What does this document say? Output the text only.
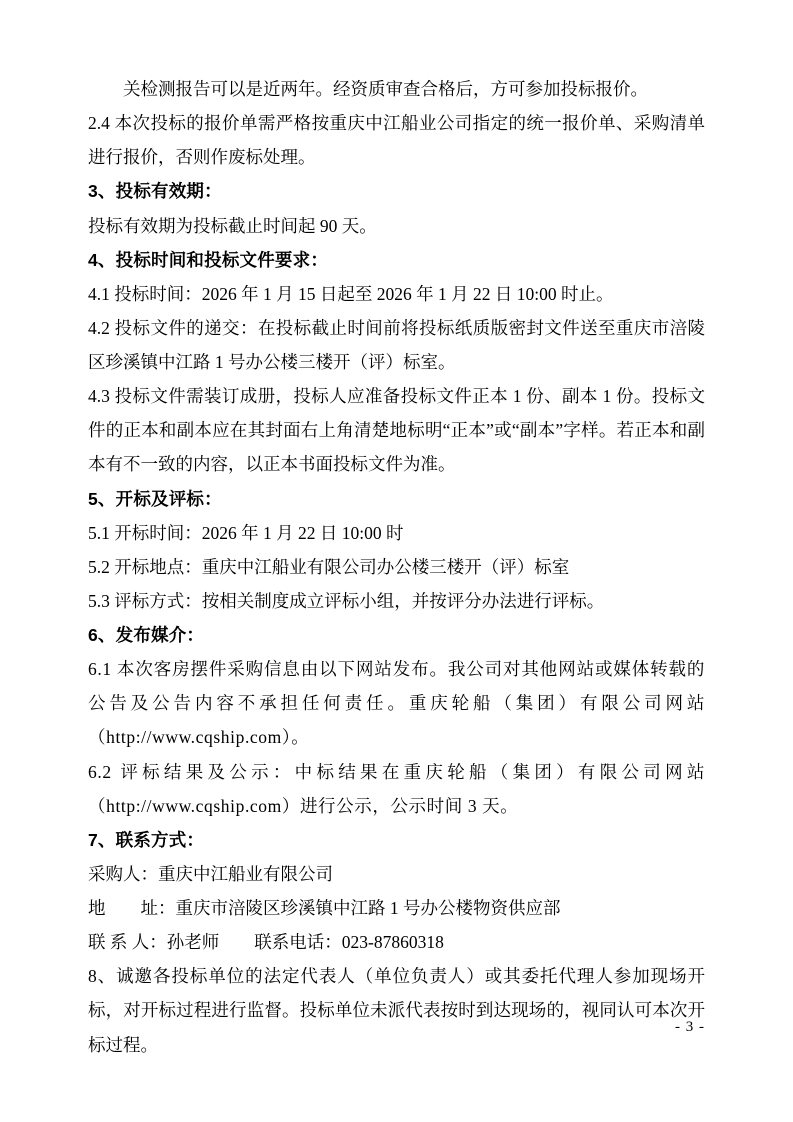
关检测报告可以是近两年。经资质审查合格后，方可参加投标报价。

2.4 本次投标的报价单需严格按重庆中江船业公司指定的统一报价单、采购清单进行报价，否则作废标处理。

3、投标有效期：

投标有效期为投标截止时间起 90 天。

4、投标时间和投标文件要求：

4.1 投标时间：2026 年 1 月 15 日起至 2026 年 1 月 22 日 10:00 时止。

4.2 投标文件的递交：在投标截止时间前将投标纸质版密封文件送至重庆市涪陵区珍溪镇中江路 1 号办公楼三楼开（评）标室。

4.3 投标文件需装订成册，投标人应准备投标文件正本 1 份、副本 1 份。投标文件的正本和副本应在其封面右上角清楚地标明“正本”或“副本”字样。若正本和副本有不一致的内容，以正本书面投标文件为准。

5、开标及评标：

5.1 开标时间：2026 年 1 月 22 日 10:00 时

5.2 开标地点：重庆中江船业有限公司办公楼三楼开（评）标室

5.3 评标方式：按相关制度成立评标小组，并按评分办法进行评标。

6、发布媒介：

6.1 本次客房摆件采购信息由以下网站发布。我公司对其他网站或媒体转载的公告及公告内容不承担任何责任。重庆轮船（集团）有限公司网站（http://www.cqship.com）。

6.2 评标结果及公示：中标结果在重庆轮船（集团）有限公司网站（http://www.cqship.com）进行公示，公示时间 3 天。

7、联系方式：

采购人：重庆中江船业有限公司

地　　址：重庆市涪陵区珍溪镇中江路 1 号办公楼物资供应部

联 系 人：孙老师　　联系电话：023-87860318

8、诚邀各投标单位的法定代表人（单位负责人）或其委托代理人参加现场开标，对开标过程进行监督。投标单位未派代表按时到达现场的，视同认可本次开标过程。

- 3 -
